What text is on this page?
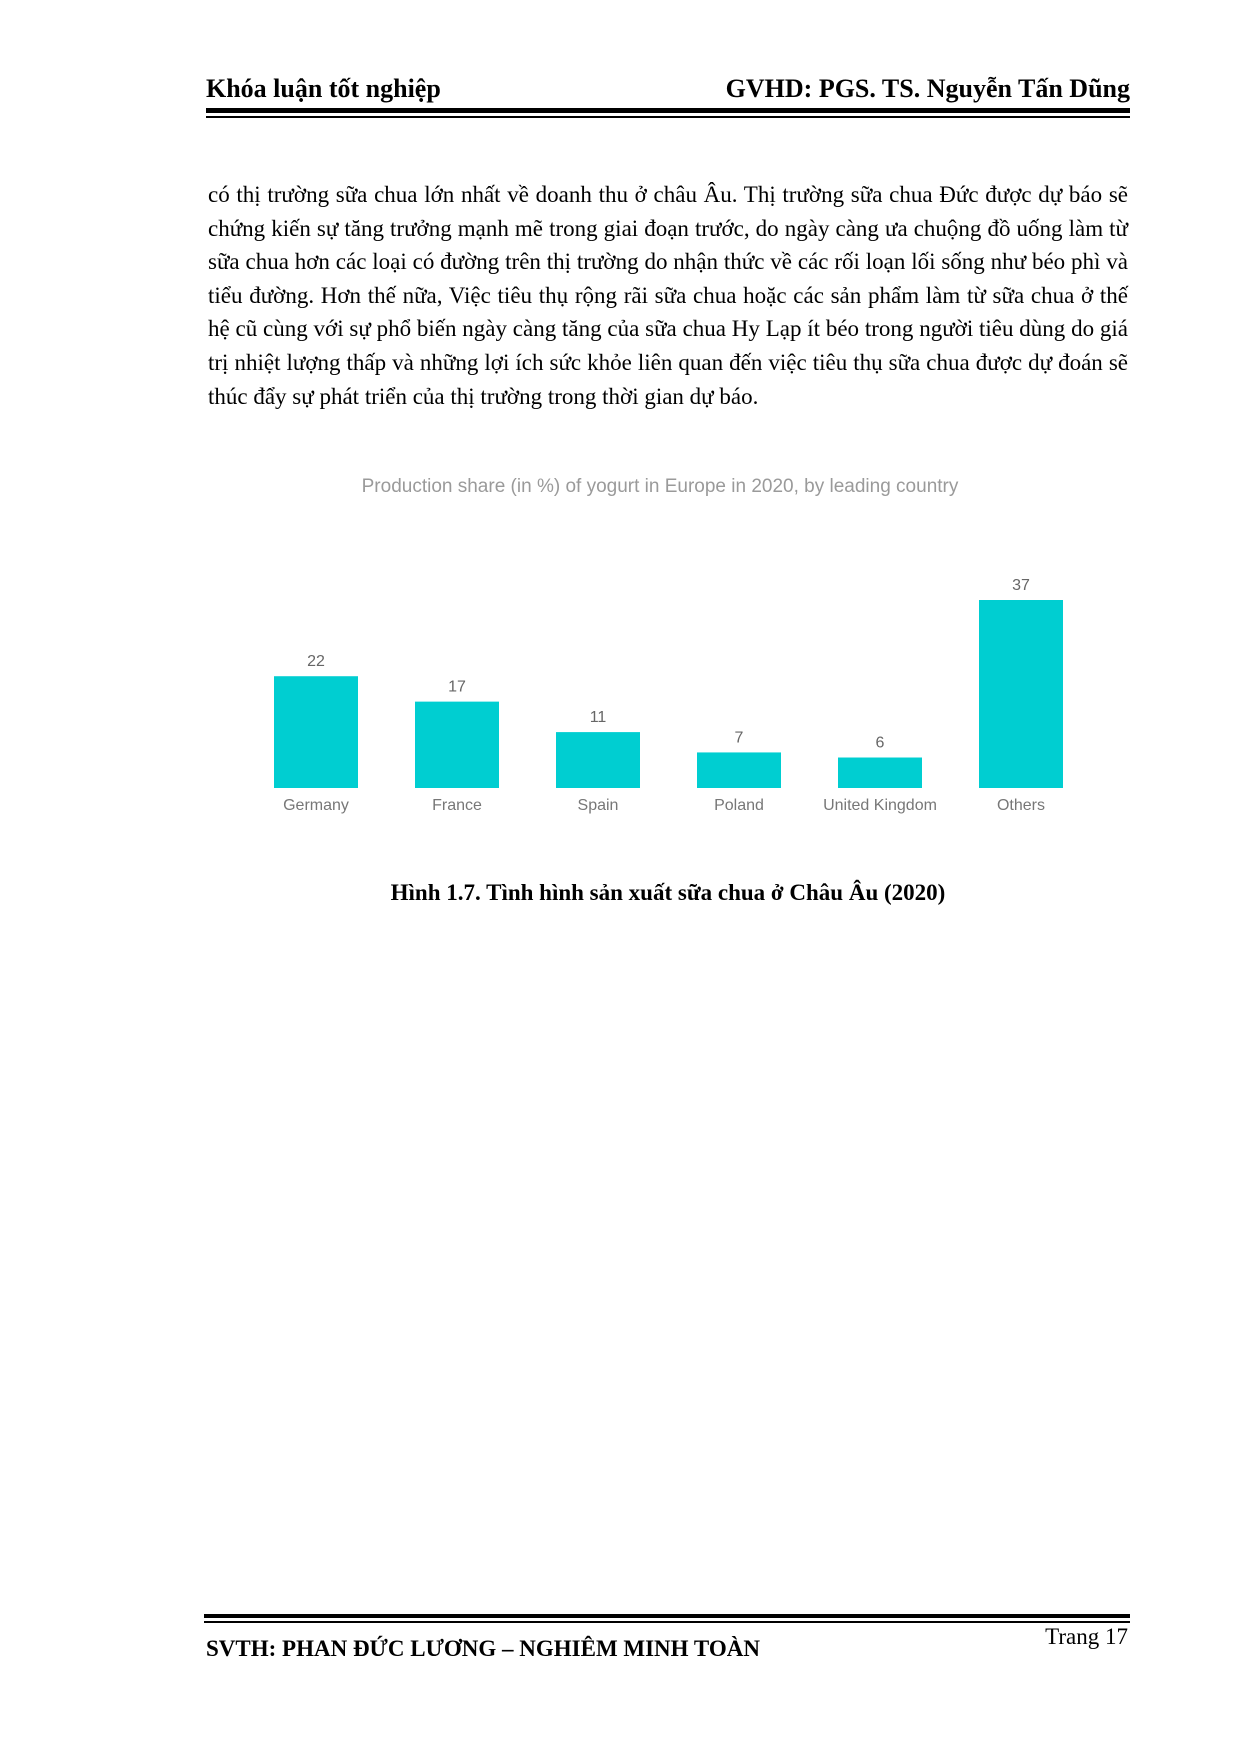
Khóa luận tốt nghiệp	GVHD: PGS. TS. Nguyễn Tấn Dũng
có thị trường sữa chua lớn nhất về doanh thu ở châu Âu. Thị trường sữa chua Đức được dự báo sẽ chứng kiến sự tăng trưởng mạnh mẽ trong giai đoạn trước, do ngày càng ưa chuộng đồ uống làm từ sữa chua hơn các loại có đường trên thị trường do nhận thức về các rối loạn lối sống như béo phì và tiểu đường. Hơn thế nữa, Việc tiêu thụ rộng rãi sữa chua hoặc các sản phẩm làm từ sữa chua ở thế hệ cũ cùng với sự phổ biến ngày càng tăng của sữa chua Hy Lạp ít béo trong người tiêu dùng do giá trị nhiệt lượng thấp và những lợi ích sức khỏe liên quan đến việc tiêu thụ sữa chua được dự đoán sẽ thúc đẩy sự phát triển của thị trường trong thời gian dự báo.
Production share (in %) of yogurt in Europe in 2020, by leading country
22
Germany
17
France
11
Spain
7
Poland
6
United Kingdom
37
Others
Hình 1.7. Tình hình sản xuất sữa chua ở Châu Âu (2020)
SVTH: PHAN ĐỨC LƯƠNG – NGHIÊM MINH TOÀN	Trang 17
